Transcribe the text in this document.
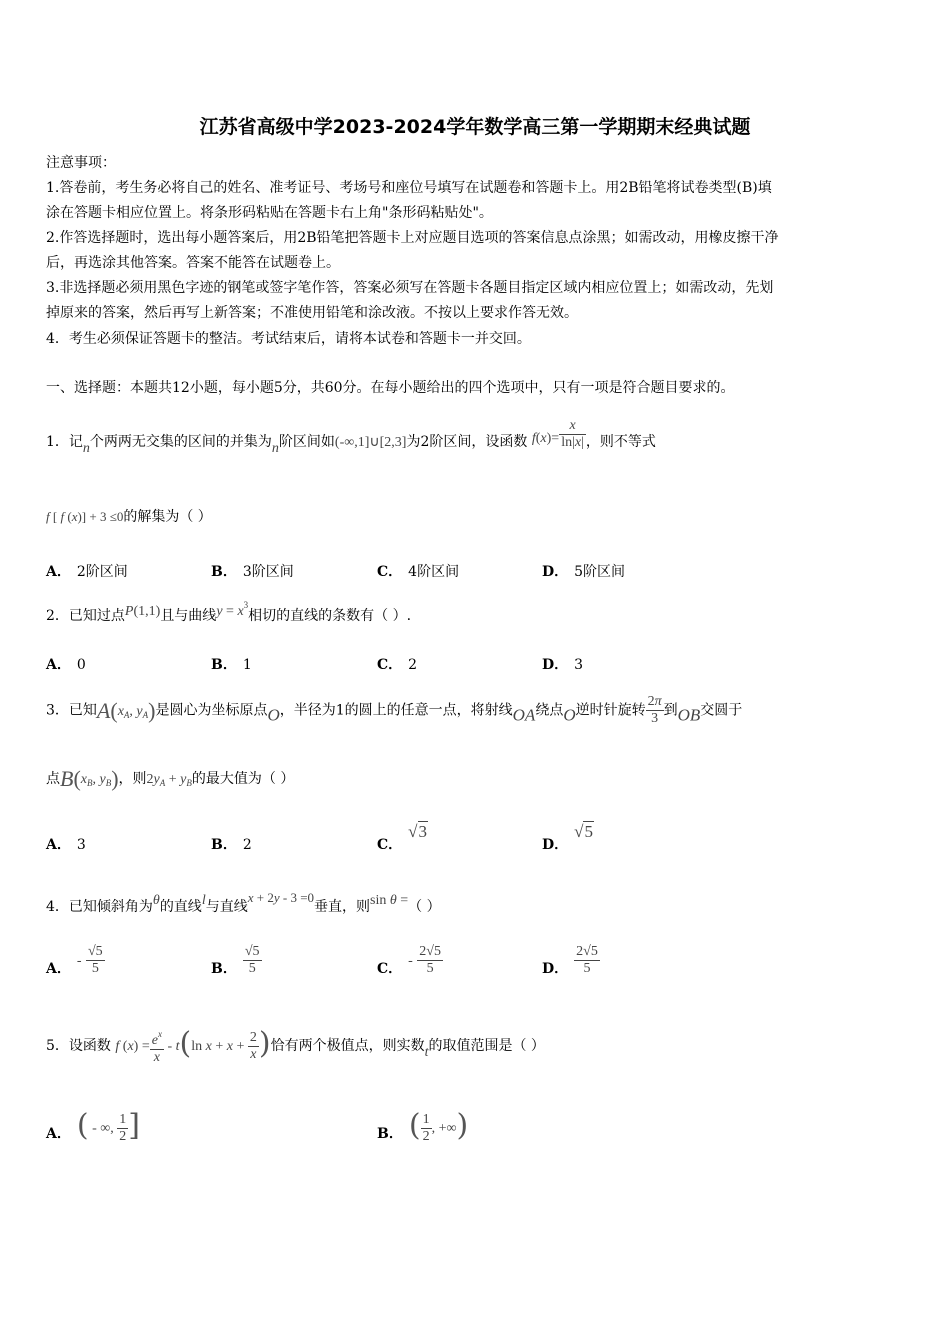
江苏省高级中学2023-2024学年数学高三第一学期期末经典试题
注意事项：
1.答卷前，考生务必将自己的姓名、准考证号、考场号和座位号填写在试题卷和答题卡上。用2B铅笔将试卷类型(B)填
涂在答题卡相应位置上。将条形码粘贴在答题卡右上角"条形码粘贴处"。
2.作答选择题时，选出每小题答案后，用2B铅笔把答题卡上对应题目选项的答案信息点涂黑；如需改动，用橡皮擦干净
后，再选涂其他答案。答案不能答在试题卷上。
3.非选择题必须用黑色字迹的钢笔或签字笔作答，答案必须写在答题卡各题目指定区域内相应位置上；如需改动，先划
掉原来的答案，然后再写上新答案；不准使用铅笔和涂改液。不按以上要求作答无效。
4．考生必须保证答题卡的整洁。考试结束后，请将本试卷和答题卡一并交回。
一、选择题：本题共12小题，每小题5分，共60分。在每小题给出的四个选项中，只有一项是符合题目要求的。
1．记n个两两无交集的区间的并集为n阶区间如(-∞,1]∪[2,3]为2阶区间，设函数 $f(x)= \frac{x}{\ln|x|}$ ，则不等式
f [ f (x)] + 3 ≤0的解集为（ ）
A． 2阶区间	B． 3阶区间	C． 4阶区间	D． 5阶区间
2．已知过点P(1,1)且与曲线$y = x^3$相切的直线的条数有（ ）.
A． 0	B． 1	C． 2	D． 3
3．已知$A(x_A$, $y_A$)是圆心为坐标原点O，半径为1的圆上的任意一点，将射线OA绕点O逆时针旋转 $\frac{2\pi}{3}$ 到OB交圆于
点$B(x_B$, $y_B$)，则$2y_A + y_B$的最大值为（ ）
A． 3	B． 2	C．√3
D．√5
4．已知倾斜角为θ的直线l与直线x + 2y - 3 =0垂直，则sin θ =（ ）
A． - $\frac{√5}{5}$	B． $\frac{√5}{5}$	C． - $\frac{2√5}{5}$	D． $\frac{2√5}{5}$
5．设函数 f $(x) = \frac{e^x}{x} - t(\ln$ $x + x + \frac{2}{x}$ )恰有两个极值点，则实数t的取值范围是（ ）
A． ( - ∞, $\frac{1}{2}$ ]	B． ( $\frac{1}{2}$ , +∞)
